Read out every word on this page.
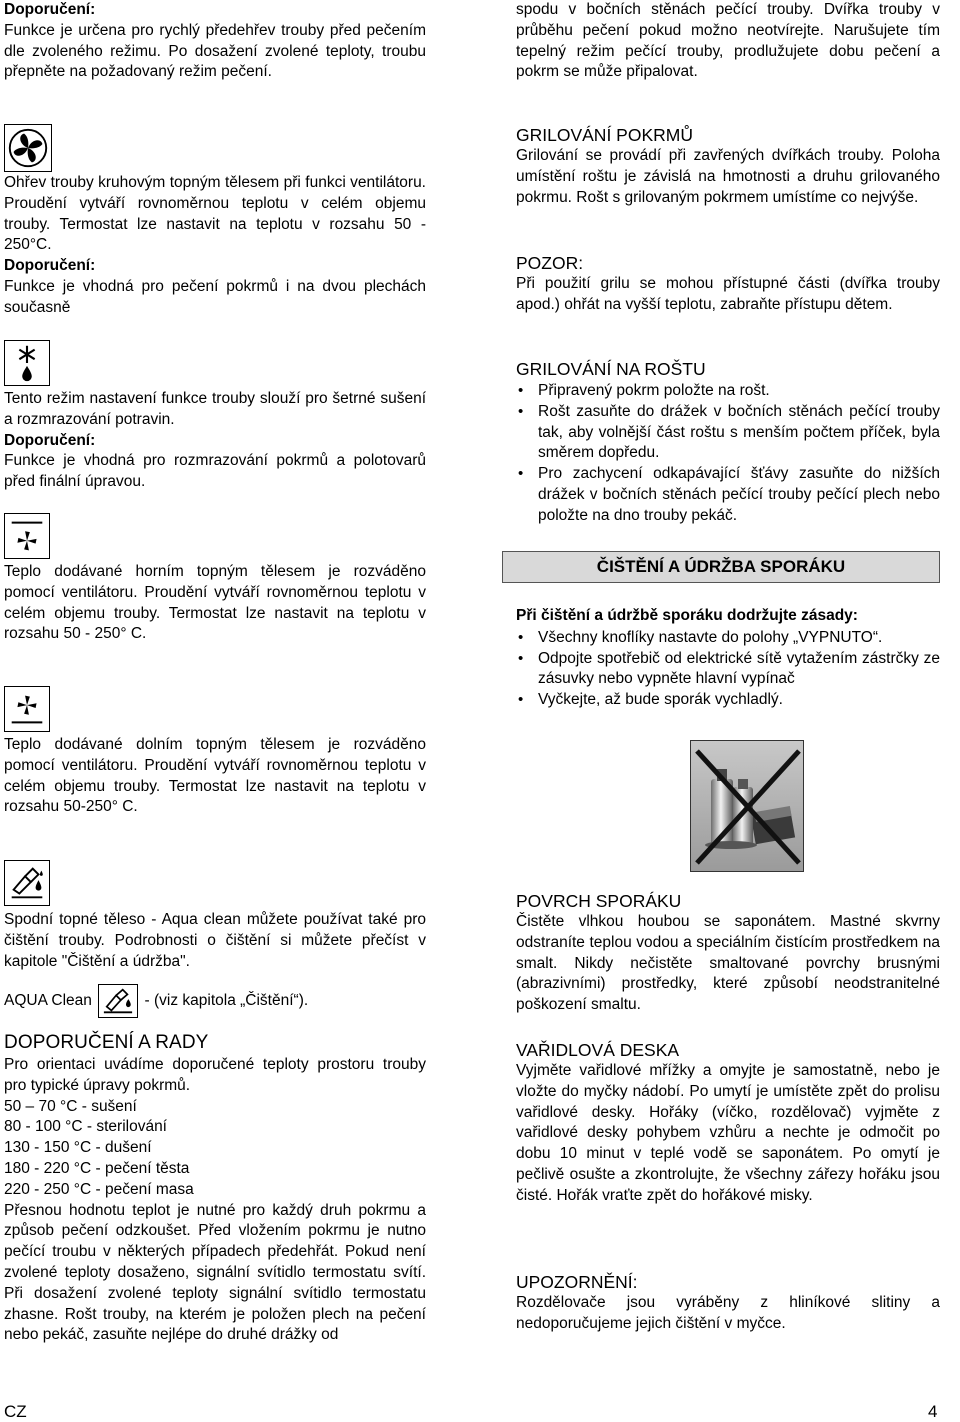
Doporučení:

Funkce je určena pro rychlý předehřev trouby před pečením dle zvoleného režimu. Po dosažení zvolené teploty, troubu přepněte na požadovaný režim pečení.

Ohřev trouby kruhovým topným tělesem při funkci ventilátoru. Proudění vytváří rovnoměrnou teplotu v celém objemu trouby. Termostat lze nastavit na teplotu v rozsahu 50 - 250°C.

Doporučení:

Funkce je vhodná pro pečení pokrmů i na dvou plechách současně

Tento režim nastavení funkce trouby slouží pro šetrné sušení a rozmrazování potravin.

Doporučení:

Funkce je vhodná pro rozmrazování pokrmů a polotovarů před finální úpravou.

Teplo dodávané horním topným tělesem je rozváděno pomocí ventilátoru. Proudění vytváří rovnoměrnou teplotu v celém objemu trouby. Termostat lze nastavit na teplotu v rozsahu 50 - 250° C.

Teplo dodávané dolním topným tělesem je rozváděno pomocí ventilátoru. Proudění vytváří rovnoměrnou teplotu v celém objemu trouby. Termostat lze nastavit na teplotu v rozsahu 50-250° C.

Spodní topné těleso - Aqua clean můžete používat také pro čištění trouby. Podrobnosti o čištění si můžete přečíst v kapitole "Čištění a údržba".

AQUA Clean	- (viz kapitola „Čištění“).

DOPORUČENÍ A RADY

Pro orientaci uvádíme doporučené teploty prostoru trouby pro typické úpravy pokrmů.

50 – 70 °C - sušení

80 - 100 °C - sterilování

130 - 150 °C - dušení

180 - 220 °C - pečení těsta

220 - 250 °C - pečení masa

Přesnou hodnotu teplot je nutné pro každý druh pokrmu a způsob pečení odzkoušet. Před vložením pokrmu je nutno pečící troubu v některých případech předehřát. Pokud není zvolené teploty dosaženo, signální svítidlo termostatu svítí. Při dosažení zvolené teploty signální svítidlo termostatu zhasne. Rošt trouby, na kterém je položen plech na pečení nebo pekáč, zasuňte nejlépe do druhé drážky od

spodu v bočních stěnách pečící trouby. Dvířka trouby v průběhu pečení pokud možno neotvírejte. Narušujete tím tepelný režim pečící trouby, prodlužujete dobu pečení a pokrm se může připalovat.

GRILOVÁNÍ POKRMŮ

Grilování se provádí při zavřených dvířkách trouby. Poloha umístění roštu je závislá na hmotnosti a druhu grilovaného pokrmu. Rošt s grilovaným pokrmem umístíme co nejvýše.

POZOR:

Při použití grilu se mohou přístupné části (dvířka trouby apod.) ohřát na vyšší teplotu, zabraňte přístupu dětem.

GRILOVÁNÍ NA ROŠTU

• Připravený pokrm položte na rošt.
• Rošt zasuňte do drážek v bočních stěnách pečící trouby tak, aby volnější část roštu s menším počtem příček, byla směrem dopředu.
• Pro zachycení odkapávající šťávy zasuňte do nižších drážek v bočních stěnách pečící trouby pečící plech nebo položte na dno trouby pekáč.
ČIŠTĚNÍ A ÚDRŽBA SPORÁKU

Při čištění a údržbě sporáku dodržujte zásady:

• Všechny knoflíky nastavte do polohy „VYPNUTO“.
• Odpojte spotřebič od elektrické sítě vytažením zástrčky ze zásuvky nebo vypněte hlavní vypínač
• Vyčkejte, až bude sporák vychladlý.

POVRCH SPORÁKU

Čistěte vlhkou houbou se saponátem. Mastné skvrny odstraníte teplou vodou a speciálním čistícím prostředkem na smalt. Nikdy nečistěte smaltované povrchy brusnými (abrazivními) prostředky, které způsobí neodstranitelné poškození smaltu.

VAŘIDLOVÁ DESKA

Vyjměte vařidlové mřížky a omyjte je samostatně, nebo je vložte do myčky nádobí. Po umytí je umístěte zpět do prolisu vařidlové desky. Hořáky (víčko, rozdělovač) vyjměte z vařidlové desky pohybem vzhůru a nechte je odmočit po dobu 10 minut v teplé vodě se saponátem. Po omytí je pečlivě osušte a zkontrolujte, že všechny zářezy hořáku jsou čisté. Hořák vraťte zpět do hořákové misky.

UPOZORNĚNÍ:

Rozdělovače jsou vyráběny z hliníkové slitiny a nedoporučujeme jejich čištění v myčce.

CZ	4
